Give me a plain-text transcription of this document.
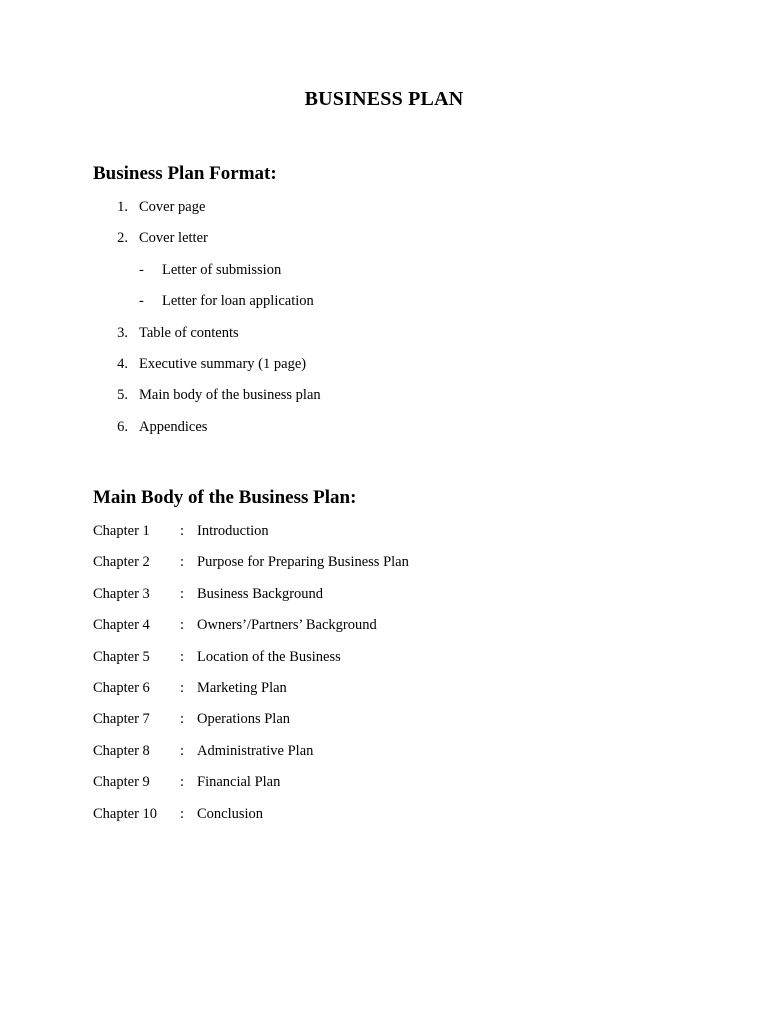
BUSINESS PLAN
Business Plan Format:
1. Cover page
2. Cover letter
- Letter of submission
- Letter for loan application
3. Table of contents
4. Executive summary (1 page)
5. Main body of the business plan
6. Appendices
Main Body of the Business Plan:
Chapter 1 : Introduction
Chapter 2 : Purpose for Preparing Business Plan
Chapter 3 : Business Background
Chapter 4 : Owners’/Partners’ Background
Chapter 5 : Location of the Business
Chapter 6 : Marketing Plan
Chapter 7 : Operations Plan
Chapter 8 : Administrative Plan
Chapter 9 : Financial Plan
Chapter 10 : Conclusion
